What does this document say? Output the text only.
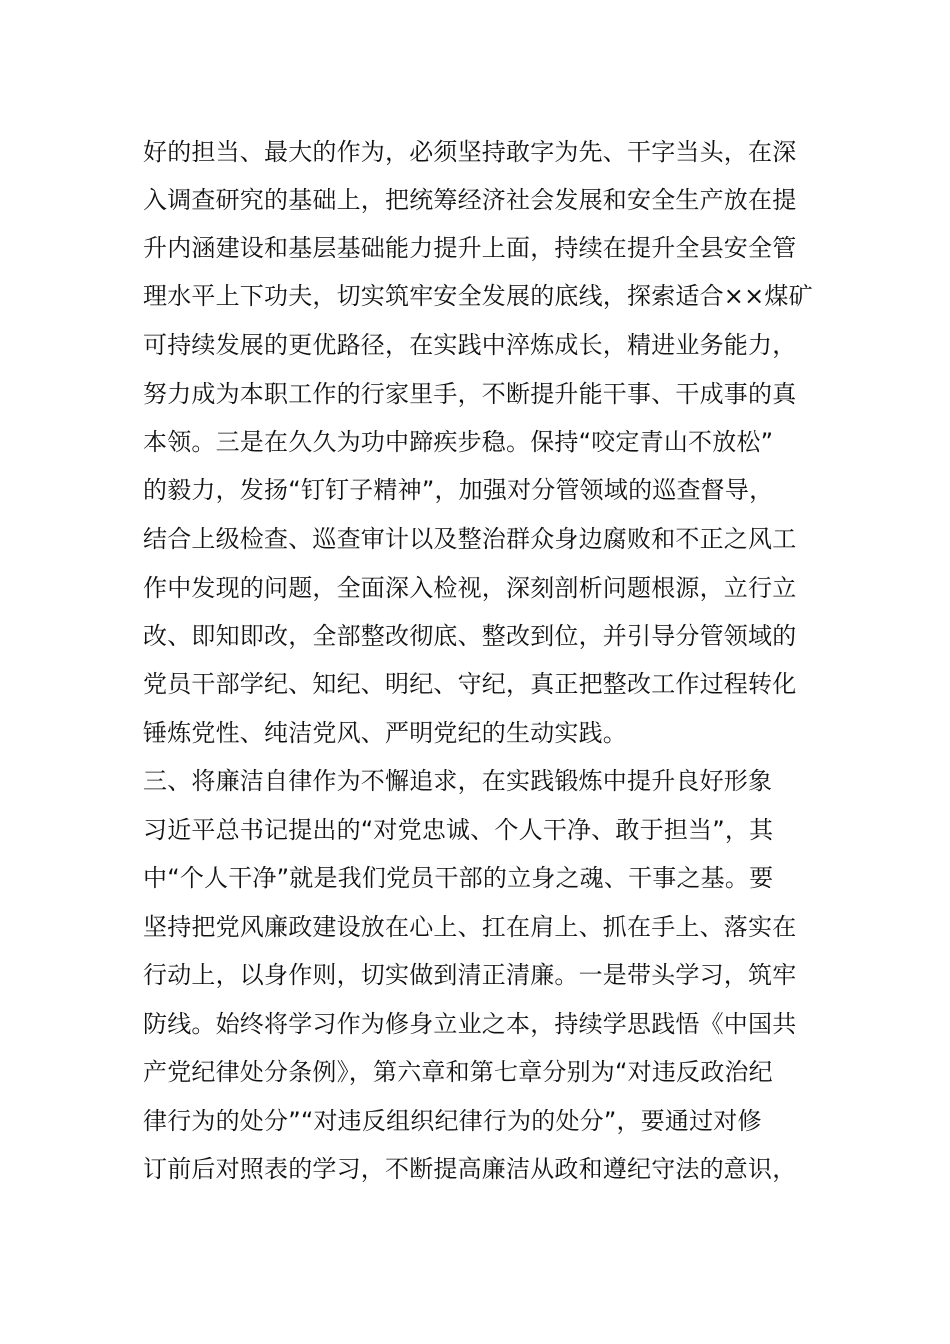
好的担当、最大的作为，必须坚持敢字为先、干字当头，在深
入调查研究的基础上，把统筹经济社会发展和安全生产放在提
升内涵建设和基层基础能力提升上面，持续在提升全县安全管
理水平上下功夫，切实筑牢安全发展的底线，探索适合××煤矿
可持续发展的更优路径，在实践中淬炼成长，精进业务能力，
努力成为本职工作的行家里手，不断提升能干事、干成事的真
本领。三是在久久为功中蹄疾步稳。保持“咬定青山不放松”
的毅力，发扬“钉钉子精神”，加强对分管领域的巡查督导，
结合上级检查、巡查审计以及整治群众身边腐败和不正之风工
作中发现的问题，全面深入检视，深刻剖析问题根源，立行立
改、即知即改，全部整改彻底、整改到位，并引导分管领域的
党员干部学纪、知纪、明纪、守纪，真正把整改工作过程转化
锤炼党性、纯洁党风、严明党纪的生动实践。
三、将廉洁自律作为不懈追求，在实践锻炼中提升良好形象
习近平总书记提出的“对党忠诚、个人干净、敢于担当”，其
中“个人干净”就是我们党员干部的立身之魂、干事之基。要
坚持把党风廉政建设放在心上、扛在肩上、抓在手上、落实在
行动上，以身作则，切实做到清正清廉。一是带头学习，筑牢
防线。始终将学习作为修身立业之本，持续学思践悟《中国共
产党纪律处分条例》，第六章和第七章分别为“对违反政治纪
律行为的处分”“对违反组织纪律行为的处分”，要通过对修
订前后对照表的学习，不断提高廉洁从政和遵纪守法的意识，
